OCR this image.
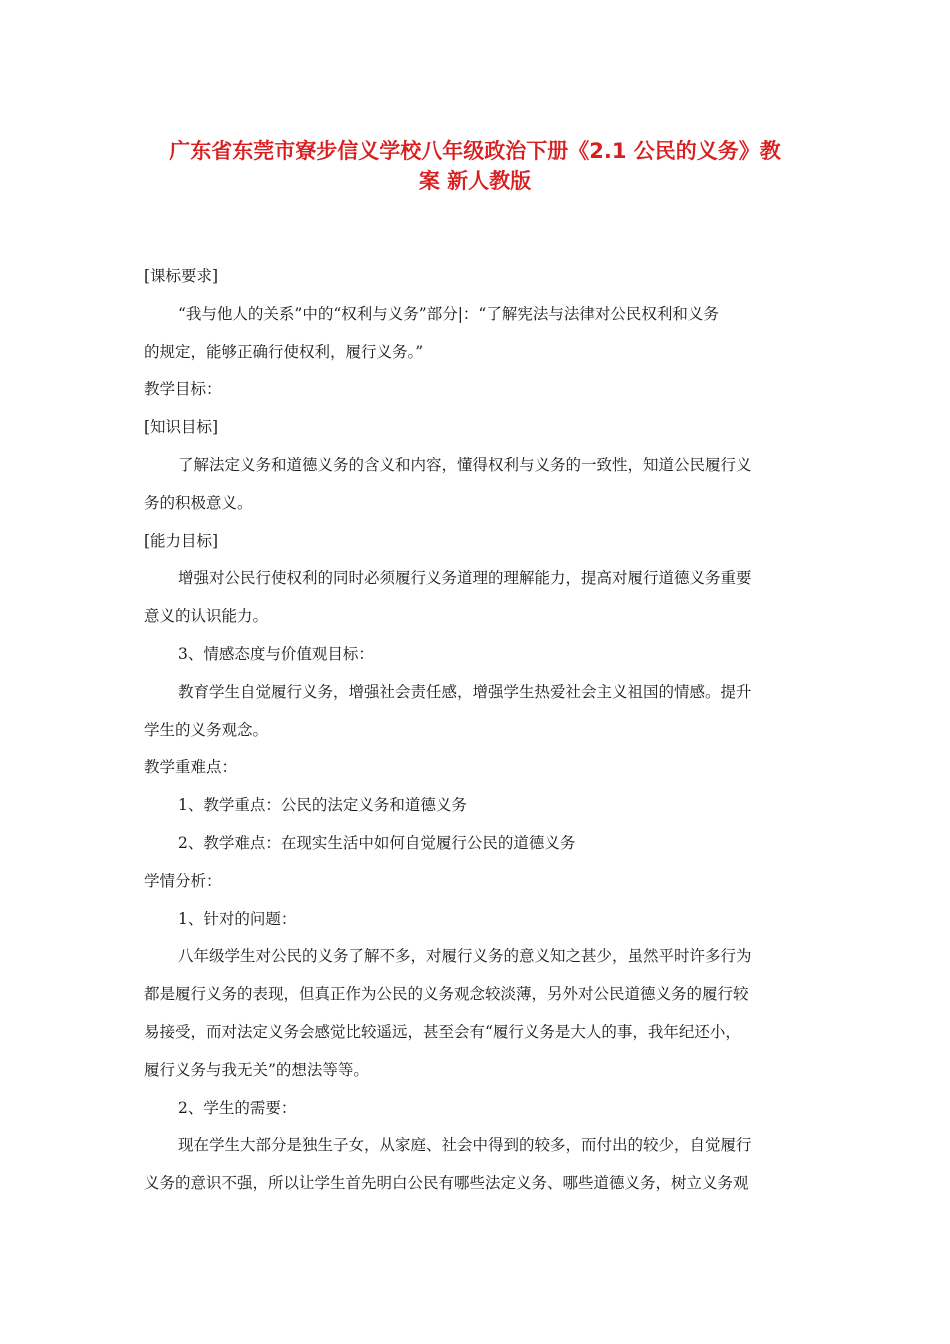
广东省东莞市寮步信义学校八年级政治下册《2.1 公民的义务》教
案 新人教版

[课标要求]

“我与他人的关系”中的“权利与义务”部分|：“了解宪法与法律对公民权利和义务

的规定，能够正确行使权利，履行义务。”

教学目标：

[知识目标]

了解法定义务和道德义务的含义和内容，懂得权利与义务的一致性，知道公民履行义

务的积极意义。

[能力目标]

增强对公民行使权利的同时必须履行义务道理的理解能力，提高对履行道德义务重要

意义的认识能力。

3、情感态度与价值观目标：

教育学生自觉履行义务，增强社会责任感，增强学生热爱社会主义祖国的情感。提升

学生的义务观念。

教学重难点：

1、教学重点：公民的法定义务和道德义务

2、教学难点：在现实生活中如何自觉履行公民的道德义务

学情分析：

1、针对的问题：

八年级学生对公民的义务了解不多，对履行义务的意义知之甚少，虽然平时许多行为

都是履行义务的表现，但真正作为公民的义务观念较淡薄，另外对公民道德义务的履行较

易接受，而对法定义务会感觉比较遥远，甚至会有“履行义务是大人的事，我年纪还小，

履行义务与我无关”的想法等等。

2、学生的需要：

现在学生大部分是独生子女，从家庭、社会中得到的较多，而付出的较少，自觉履行

义务的意识不强，所以让学生首先明白公民有哪些法定义务、哪些道德义务，树立义务观
